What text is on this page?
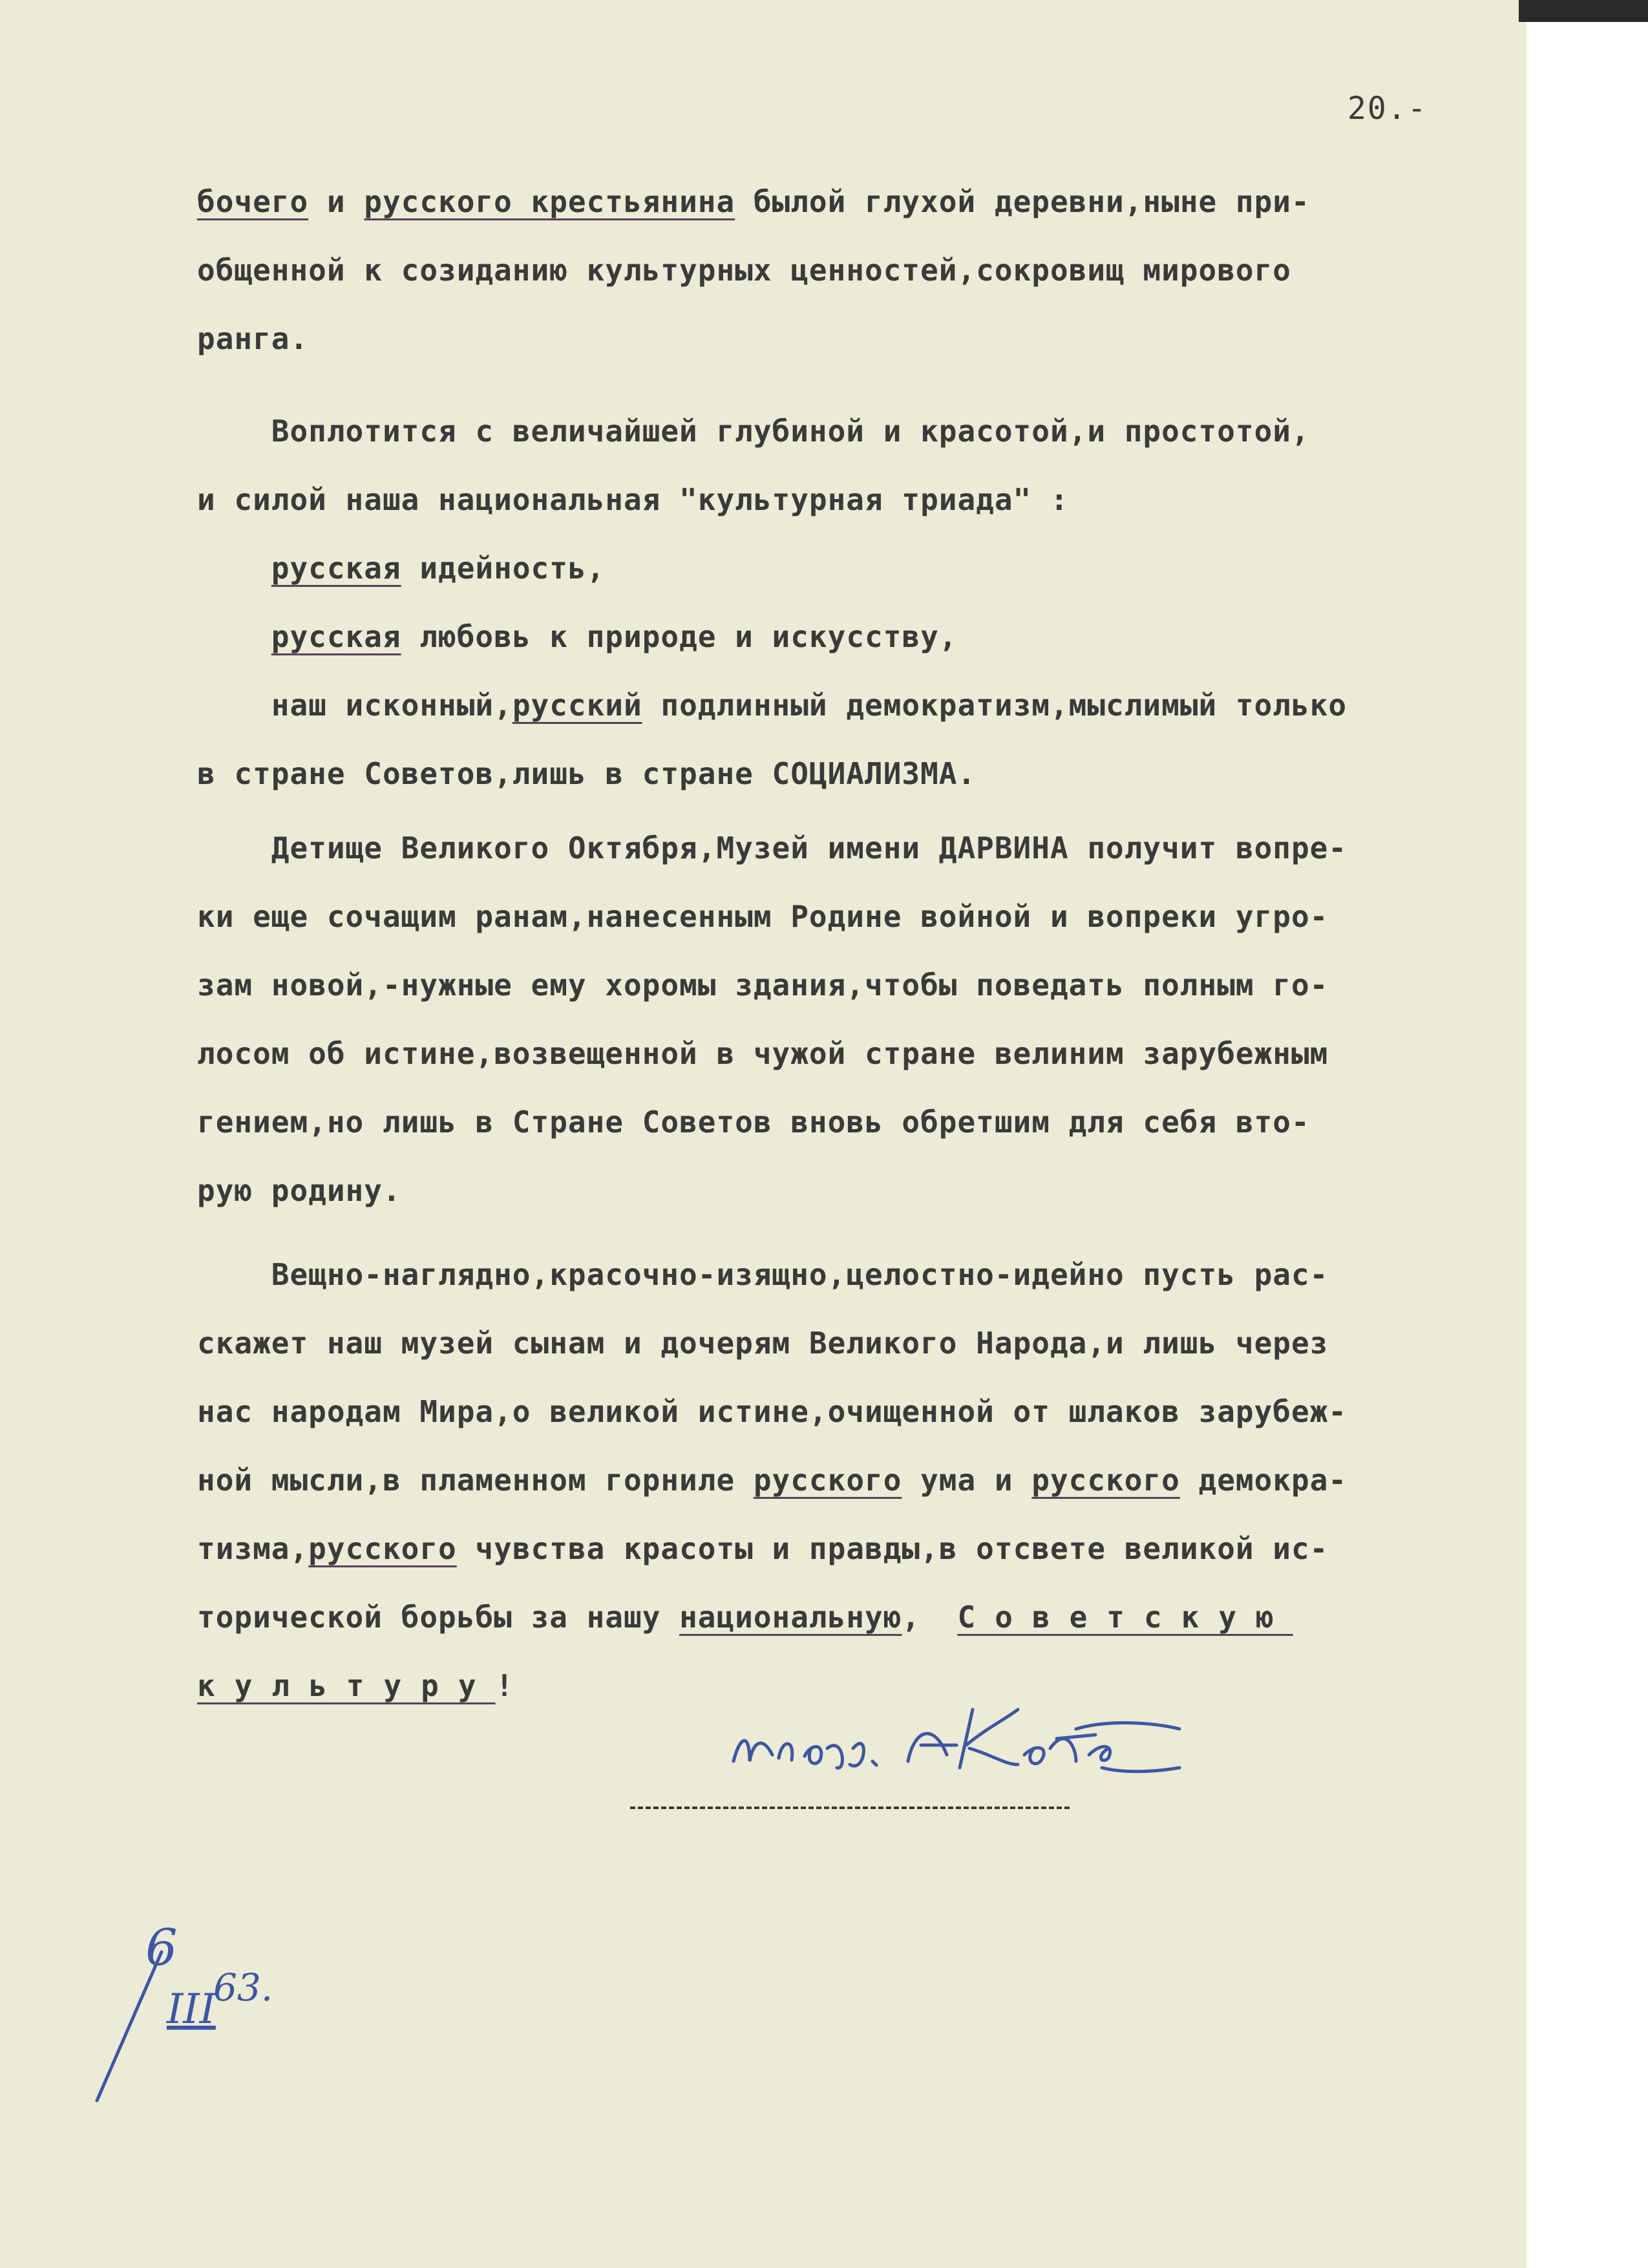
20.-
бочего и русского крестьянина былой глухой деревни,ныне при-
общенной к созиданию культурных ценностей,сокровищ мирового
ранга.
Воплотится с величайшей глубиной и красотой,и простотой,
и силой наша национальная "культурная триада" :
русская идейность,
русская любовь к природе и искусству,
наш исконный,русский подлинный демократизм,мыслимый только
в стране Советов,лишь в стране СОЦИАЛИЗМА.
Детище Великого Октября,Музей имени ДАРВИНА получит вопре-
ки еще сочащим ранам,нанесенным Родине войной и вопреки угро-
зам новой,-нужные ему хоромы здания,чтобы поведать полным го-
лосом об истине,возвещенной в чужой стране велиним зарубежным
гением,но лишь в Стране Советов вновь обретшим для себя вто-
рую родину.
Вещно-наглядно,красочно-изящно,целостно-идейно пусть рас-
скажет наш музей сынам и дочерям Великого Народа,и лишь через
нас народам Мира,о великой истине,очищенной от шлаков зарубеж-
ной мысли,в пламенном горниле русского ума и русского демокра-
тизма,русского чувства красоты и правды,в отсвете великой ис-
торической борьбы за нашу национальную,  Советскую
культуру!
6
III
63.
